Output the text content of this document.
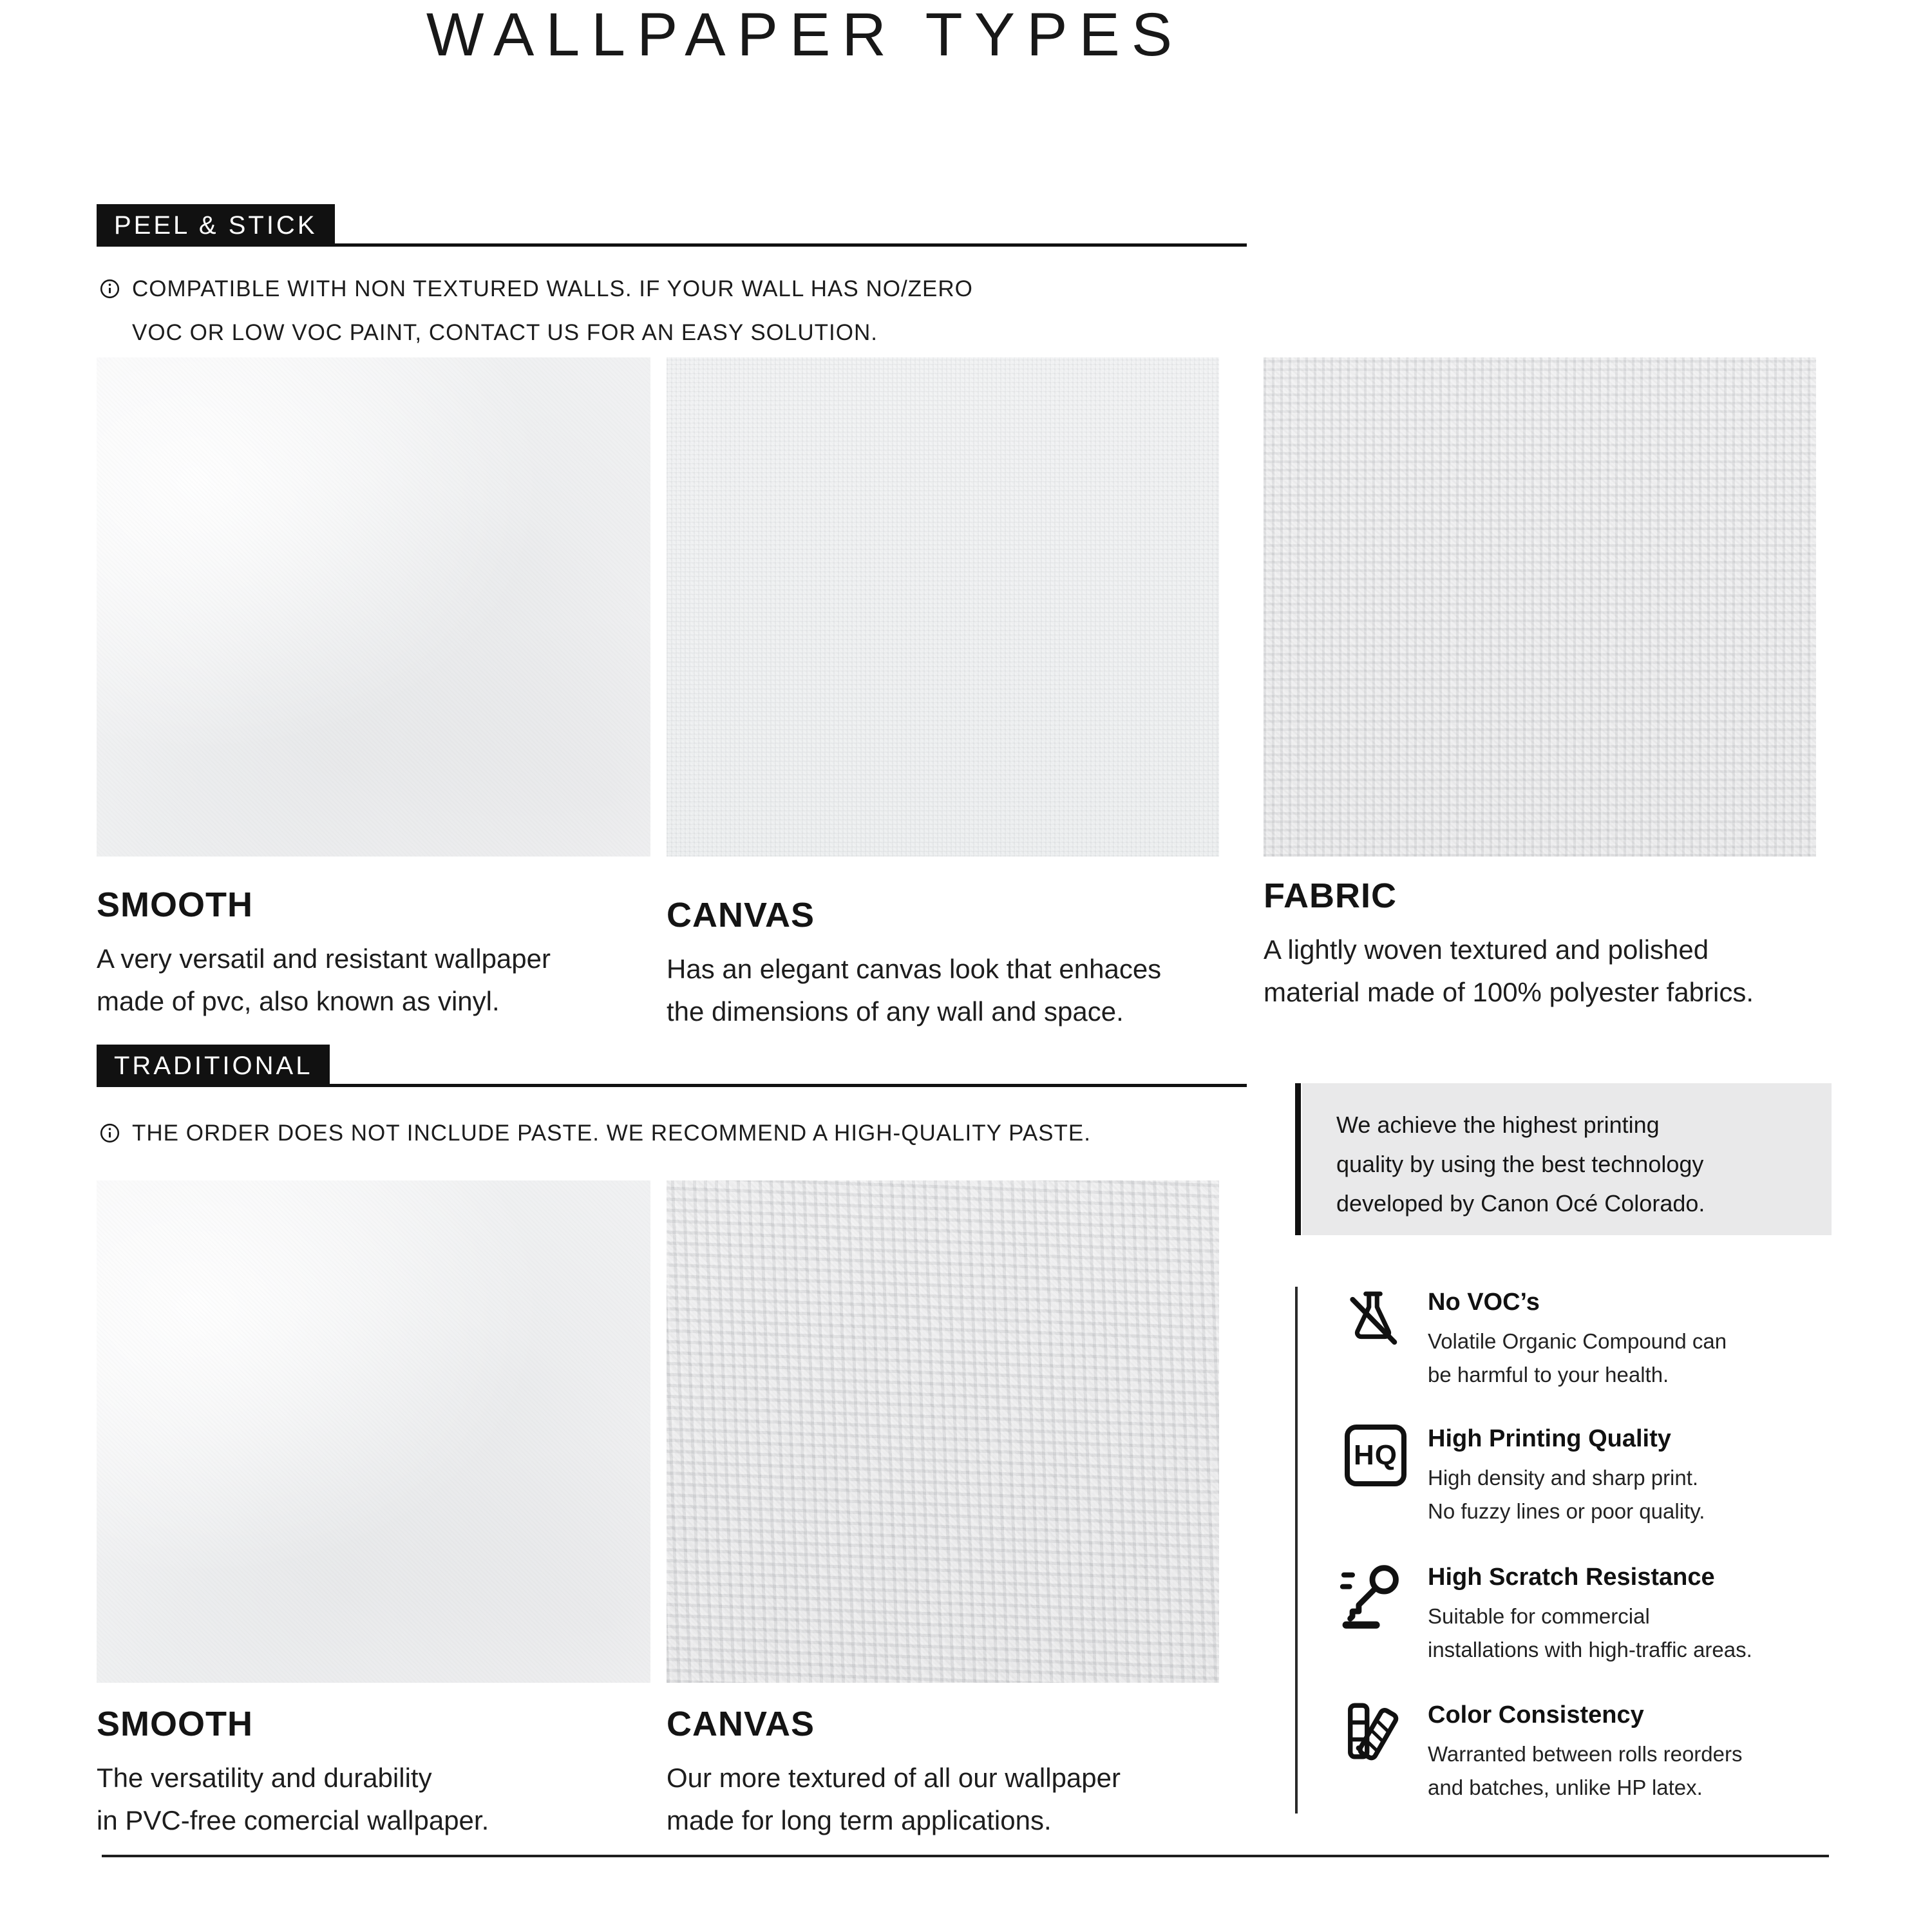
WALLPAPER TYPES
PEEL & STICK
COMPATIBLE WITH NON TEXTURED WALLS. IF YOUR WALL HAS NO/ZERO
VOC OR LOW VOC PAINT, CONTACT US FOR AN EASY SOLUTION.
SMOOTH

A very versatil and resistant wallpaper
made of pvc, also known as vinyl.

CANVAS

Has an elegant canvas look that enhaces
the dimensions of any wall and space.

FABRIC

A lightly woven textured and polished
material made of 100% polyester fabrics.

TRADITIONAL
THE ORDER DOES NOT INCLUDE PASTE. WE RECOMMEND A HIGH-QUALITY PASTE.
SMOOTH

The versatility and durability
in PVC-free comercial wallpaper.

CANVAS

Our more textured of all our wallpaper
made for long term applications.

We achieve the highest printing
quality by using the best technology
developed by Canon Océ Colorado.
No VOC’s

Volatile Organic Compound can
be harmful to your health.

HQ
High Printing Quality

High density and sharp print.
No fuzzy lines or poor quality.

High Scratch Resistance

Suitable for commercial
installations with high-traffic areas.

Color Consistency

Warranted between rolls reorders
and batches, unlike HP latex.
